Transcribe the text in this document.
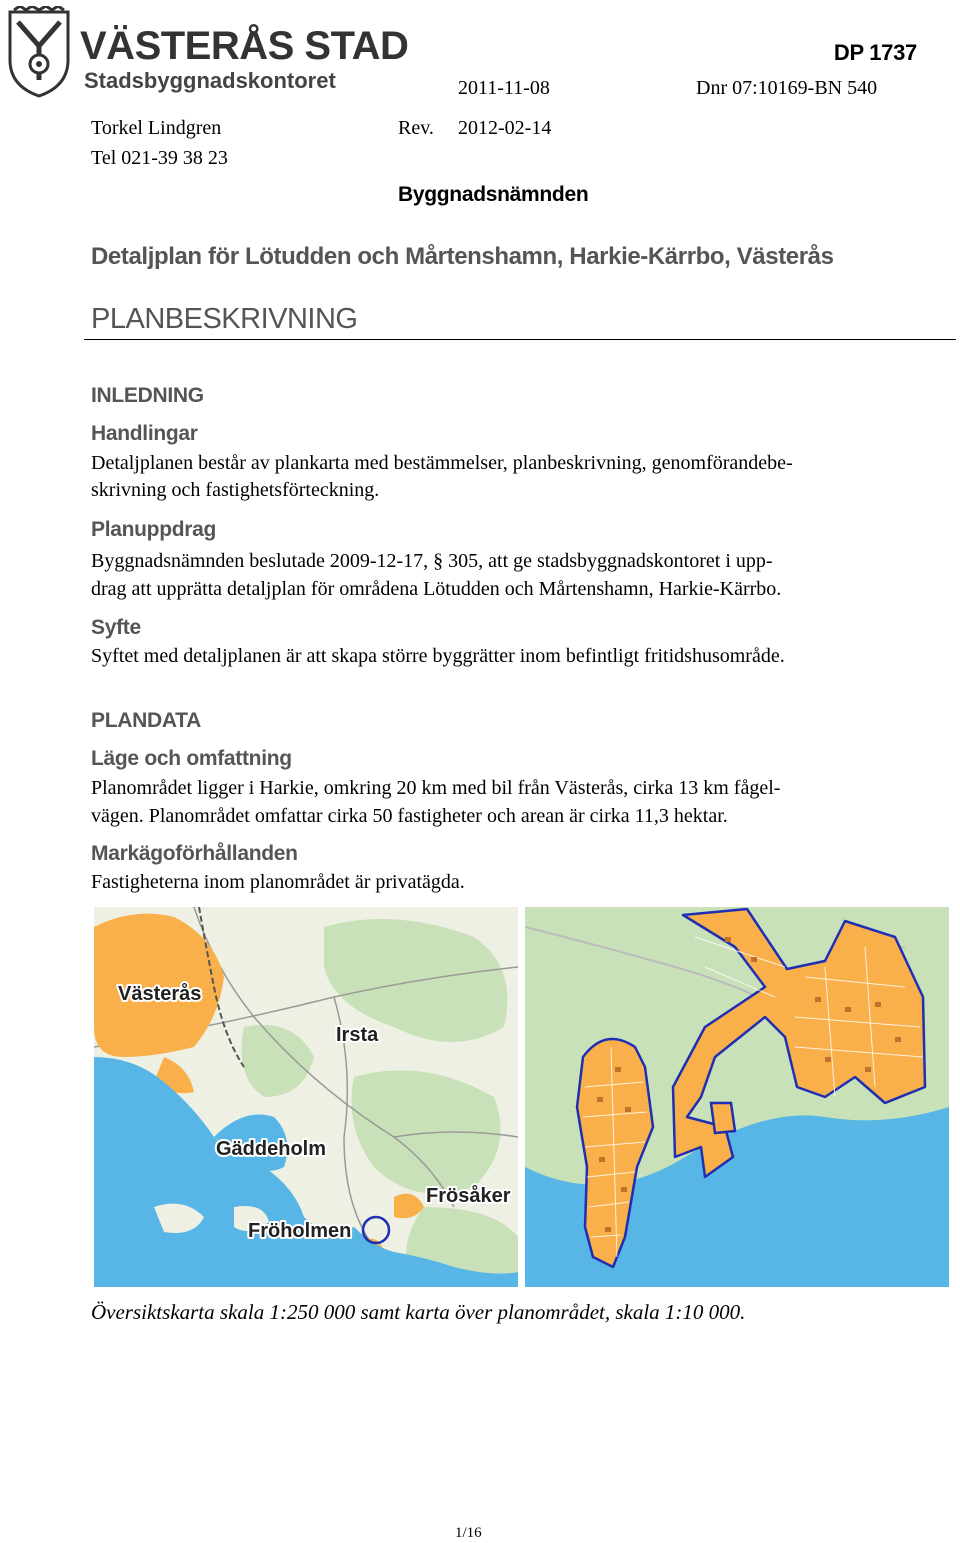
VÄSTERÅS STAD
Stadsbyggnadskontoret
DP 1737
2011-11-08	Dnr 07:10169-BN 540
Torkel Lindgren	Rev. 2012-02-14
Tel 021-39 38 23
Byggnadsnämnden
Detaljplan för Lötudden och Mårtenshamn, Harkie-Kärrbo, Västerås
PLANBESKRIVNING
INLEDNING
Handlingar
Detaljplanen består av plankarta med bestämmelser, planbeskrivning, genomförandebe-
skrivning och fastighetsförteckning.
Planuppdrag
Byggnadsnämnden beslutade 2009-12-17, § 305, att ge stadsbyggnadskontoret i upp-
drag att upprätta detaljplan för områdena Lötudden och Mårtenshamn, Harkie-Kärrbo.
Syfte
Syftet med detaljplanen är att skapa större byggrätter inom befintligt fritidshusområde.
PLANDATA
Läge och omfattning
Planområdet ligger i Harkie, omkring 20 km med bil från Västerås, cirka 13 km fågel-
vägen. Planområdet omfattar cirka 50 fastigheter och arean är cirka 11,3 hektar.
Markägoförhållanden
Fastigheterna inom planområdet är privatägda.
Västerås
Irsta
Gäddeholm
Frösåker
Fröholmen
Översiktskarta skala 1:250 000 samt karta över planområdet, skala 1:10 000.
1/16
